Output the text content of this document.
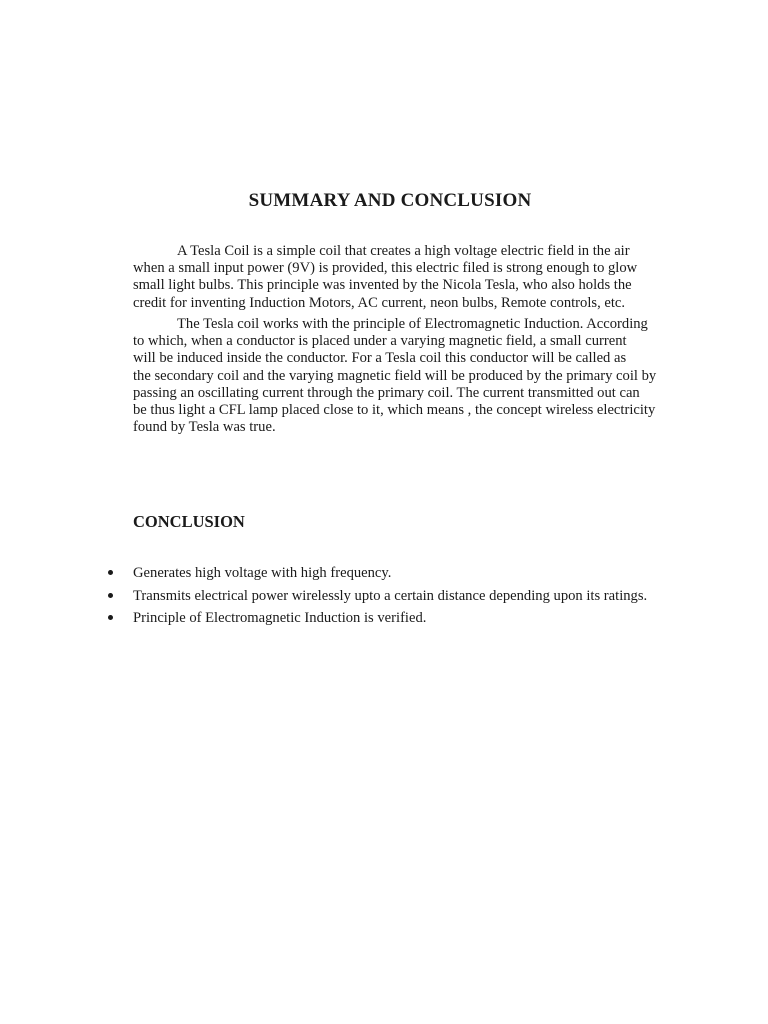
SUMMARY AND CONCLUSION
A Tesla Coil is a simple coil that creates a high voltage electric field in the air
when a small input power (9V) is provided, this electric filed is strong enough to glow
small light bulbs. This principle was invented by the Nicola Tesla, who also holds the
credit for inventing Induction Motors, AC current, neon bulbs, Remote controls, etc.
The Tesla coil works with the principle of Electromagnetic Induction. According
to which, when a conductor is placed under a varying magnetic field, a small current
will be induced inside the conductor. For a Tesla coil this conductor will be called as
the secondary coil and the varying magnetic field will be produced by the primary coil by
passing an oscillating current through the primary coil. The current transmitted out can
be thus light a CFL lamp placed close to it, which means , the concept wireless electricity
found by Tesla was true.
CONCLUSION
Generates high voltage with high frequency.
Transmits electrical power wirelessly upto a certain distance depending upon its ratings.
Principle of Electromagnetic Induction is verified.
